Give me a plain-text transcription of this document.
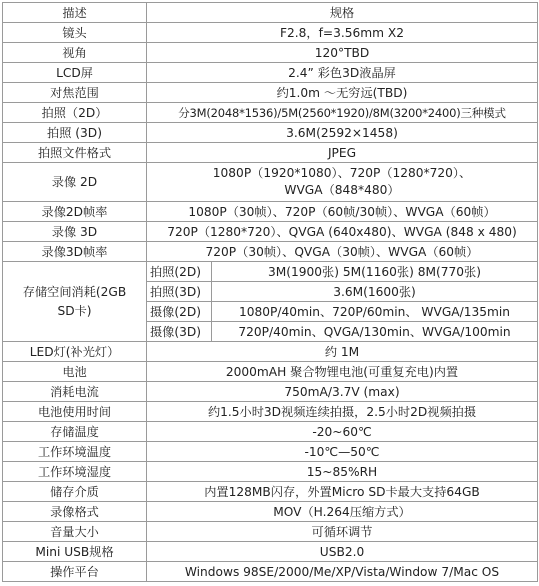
描述	规格	
镜头	F2.8，f=3.56mm X2	
视角	120°TBD	
LCD屏	2.4” 彩色3D液晶屏	
对焦范围	约1.0m ～无穷远(TBD)	
拍照（2D）	分3M(2048*1536)/5M(2560*1920)/8M(3200*2400)三种模式	
拍照 (3D)	3.6M(2592×1458)	
拍照文件格式	JPEG	
录像 2D	1080P（1920*1080）、720P（1280*720）、
WVGA（848*480）	

录像2D帧率	1080P（30帧）、720P（60帧/30帧）、WVGA（60帧）	
录像 3D	720P（1280*720）、QVGA (640x480)、WVGA (848 x 480)	
录像3D帧率	720P（30帧）、QVGA（30帧）、WVGA（60帧）	

存储空间消耗(2GB
SD卡)	拍照(2D)	3M(1900张) 5M(1160张) 8M(770张)
	拍照(3D)	3.6M(1600张)
	摄像(2D)	1080P/40min、720P/60min、 WVGA/135min
	摄像(3D)	720P/40min、QVGA/130min、WVGA/100min
LED灯(补光灯）	约 1M	
电池	2000mAH 聚合物锂电池(可重复充电)内置	
消耗电流	750mA/3.7V (max)	
电池使用时间	约1.5小时3D视频连续拍摄，2.5小时2D视频拍摄	
存储温度	-20~60℃	
工作环境温度	-10℃—50℃	
工作环境湿度	15~85%RH	
储存介质	内置128MB闪存，外置Micro SD卡最大支持64GB	
录像格式	MOV（H.264压缩方式）	
音量大小	可循环调节	
Mini USB规格	USB2.0	
操作平台	Windows 98SE/2000/Me/XP/Vista/Window 7/Mac OS	
